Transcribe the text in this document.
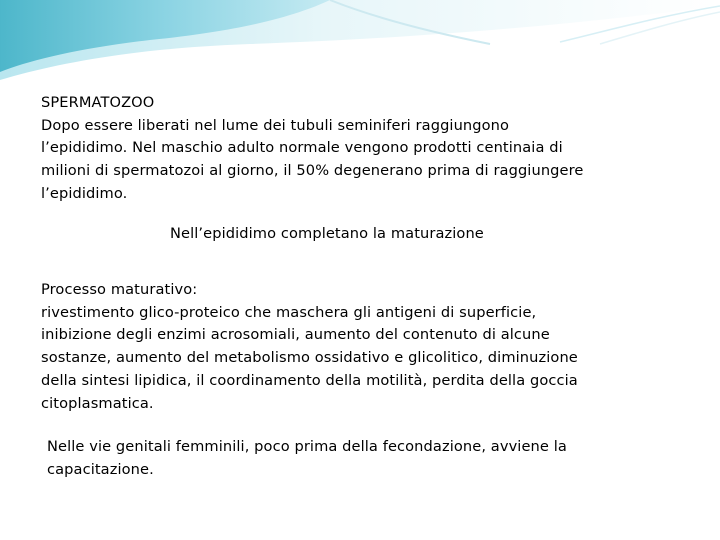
SPERMATOZOO
Dopo essere liberati nel lume dei tubuli seminiferi raggiungono
l’epididimo. Nel maschio adulto normale vengono prodotti centinaia di
milioni di spermatozoi al giorno, il 50% degenerano prima di raggiungere
l’epididimo.

Nell’epididimo completano la maturazione

Processo maturativo:
rivestimento glico-proteico che maschera gli antigeni di superficie,
inibizione degli enzimi acrosomiali, aumento del contenuto di alcune
sostanze, aumento del metabolismo ossidativo e glicolitico, diminuzione
della sintesi lipidica, il coordinamento della motilità, perdita della goccia
citoplasmatica.

Nelle vie genitali femminili, poco prima della fecondazione, avviene la
capacitazione.
